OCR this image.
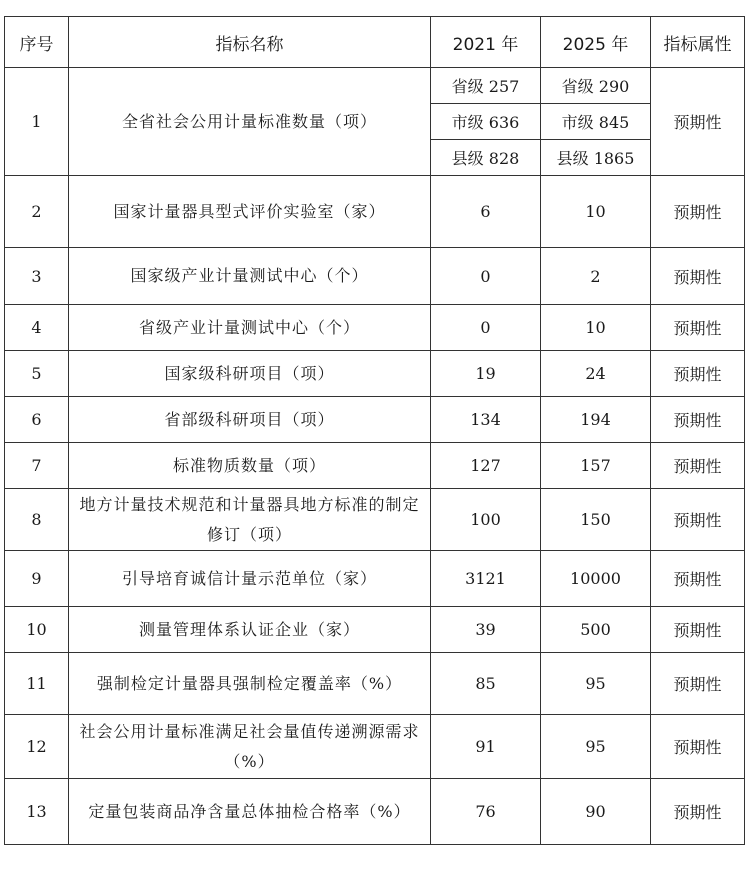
序号	指标名称	2021 年	2025 年	指标属性
1	全省社会公用计量标准数量（项）	省级 257	省级 290	预期性
		市级 636	市级 845	
		县级 828	县级 1865	
2	国家计量器具型式评价实验室（家）	6	10	预期性
3	国家级产业计量测试中心（个）	0	2	预期性
4	省级产业计量测试中心（个）	0	10	预期性
5	国家级科研项目（项）	19	24	预期性
6	省部级科研项目（项）	134	194	预期性
7	标准物质数量（项）	127	157	预期性
8	地方计量技术规范和计量器具地方标准的制定修订（项）	100	150	预期性
9	引导培育诚信计量示范单位（家）	3121	10000	预期性
10	测量管理体系认证企业（家）	39	500	预期性
11	强制检定计量器具强制检定覆盖率（%）	85	95	预期性
12	社会公用计量标准满足社会量值传递溯源需求（%）	91	95	预期性
13	定量包装商品净含量总体抽检合格率（%）	76	90	预期性
